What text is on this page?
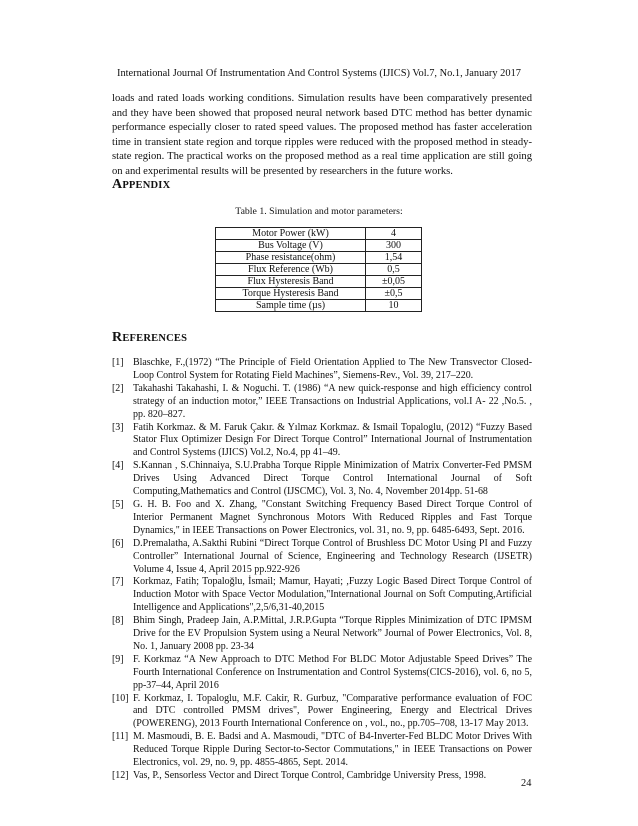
International Journal Of Instrumentation And Control Systems (IJICS) Vol.7, No.1, January 2017

loads and rated loads working conditions. Simulation results have been comparatively presented and they have been showed that proposed neural network based DTC method has better dynamic performance especially closer to rated speed values. The proposed method has faster acceleration time in transient state region and torque ripples were reduced with the proposed method in steady-state region. The practical works on the proposed method as a real time application are still going on and experimental results will be presented by researchers in the future works.

APPENDIX
Table 1. Simulation and motor parameters:
Motor Power (kW)	4
Bus Voltage (V)	300
Phase resistance(ohm)	1,54
Flux Reference (Wb)	0,5
Flux Hysteresis Band	±0,05
Torque Hysteresis Band	±0,5
Sample time (µs)	10
REFERENCES
[1] Blaschke, F.,(1972) “The Principle of Field Orientation Applied to The New Transvector Closed-Loop Control System for Rotating Field Machines”, Siemens-Rev., Vol. 39, 217–220.
[2] Takahashi Takahashi, I. & Noguchi. T. (1986) “A new quick-response and high efficiency control strategy of an induction motor,” IEEE Transactions on Industrial Applications, vol.I A- 22 ,No.5. , pp. 820–827.
[3] Fatih Korkmaz. & M. Faruk Çakır. & Yılmaz Korkmaz. & Ismail Topaloglu, (2012) “Fuzzy Based Stator Flux Optimizer Design For Direct Torque Control” International Journal of Instrumentation and Control Systems (IJICS) Vol.2, No.4, pp 41–49.
[4] S.Kannan , S.Chinnaiya, S.U.Prabha Torque Ripple Minimization of Matrix Converter-Fed PMSM Drives Using Advanced Direct Torque Control International Journal of Soft Computing,Mathematics and Control (IJSCMC), Vol. 3, No. 4, November 2014pp. 51-68
[5] G. H. B. Foo and X. Zhang, "Constant Switching Frequency Based Direct Torque Control of Interior Permanent Magnet Synchronous Motors With Reduced Ripples and Fast Torque Dynamics," in IEEE Transactions on Power Electronics, vol. 31, no. 9, pp. 6485-6493, Sept. 2016.
[6] D.Premalatha, A.Sakthi Rubini “Direct Torque Control of Brushless DC Motor Using PI and Fuzzy Controller” International Journal of Science, Engineering and Technology Research (IJSETR) Volume 4, Issue 4, April 2015 pp.922-926
[7] Korkmaz, Fatih; Topaloğlu, İsmail; Mamur, Hayati; ,Fuzzy Logic Based Direct Torque Control of Induction Motor with Space Vector Modulation,"International Journal on Soft Computing,Artificial Intelligence and Applications",2,5/6,31-40,2015
[8] Bhim Singh, Pradeep Jain, A.P.Mittal, J.R.P.Gupta “Torque Ripples Minimization of DTC IPMSM Drive for the EV Propulsion System using a Neural Network” Journal of Power Electronics, Vol. 8, No. 1, January 2008 pp. 23-34
[9] F. Korkmaz “A New Approach to DTC Method For BLDC Motor Adjustable Speed Drives” The Fourth International Conference on Instrumentation and Control Systems(CICS-2016), vol. 6, no 5, pp-37–44, April 2016
[10] F. Korkmaz, I. Topaloglu, M.F. Cakir, R. Gurbuz, "Comparative performance evaluation of FOC and DTC controlled PMSM drives", Power Engineering, Energy and Electrical Drives (POWERENG), 2013 Fourth International Conference on , vol., no., pp.705–708, 13-17 May 2013.
[11] M. Masmoudi, B. E. Badsi and A. Masmoudi, "DTC of B4-Inverter-Fed BLDC Motor Drives With Reduced Torque Ripple During Sector-to-Sector Commutations," in IEEE Transactions on Power Electronics, vol. 29, no. 9, pp. 4855-4865, Sept. 2014.
[12] Vas, P., Sensorless Vector and Direct Torque Control, Cambridge University Press, 1998.
24
